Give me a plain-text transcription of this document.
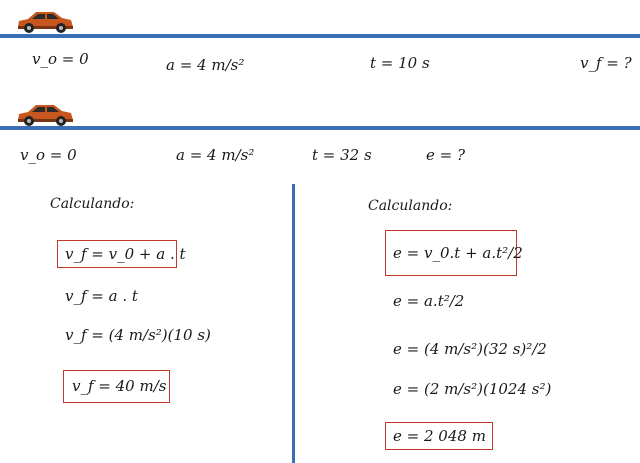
v_o = 0	a = 4 m/s²	t = 10 s	v_f = ?
v_o = 0	a = 4 m/s²	t = 32 s	e = ?
Calculando:
v_f = v_0 + a . t
v_f = a . t
v_f = (4 m/s²)(10 s)
v_f = 40 m/s
Calculando:
e = v_0.t + a.t²/2
e = a.t²/2
e = (4 m/s²)(32 s)²/2
e = (2 m/s²)(1024 s²)
e = 2 048 m
